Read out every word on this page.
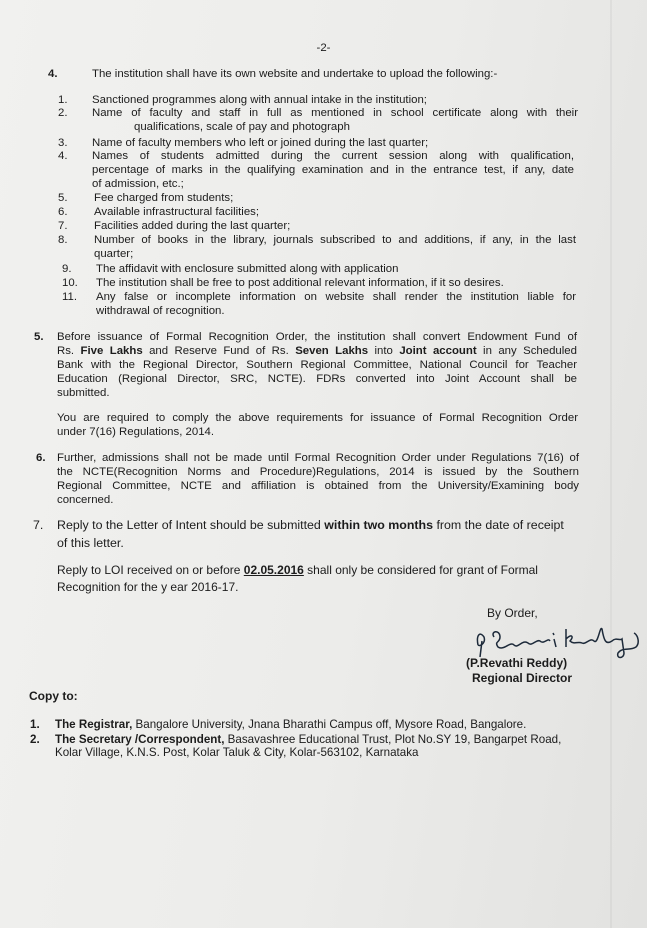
-2-
4.	The institution shall have its own website and undertake to upload the following:-
1. Sanctioned programmes along with annual intake in the institution;
2. Name of faculty and staff in full as mentioned in school certificate along with their
qualifications, scale of pay and photograph
3. Name of faculty members who left or joined during the last quarter;
4. Names of students admitted during the current session along with qualification,
percentage of marks in the qualifying examination and in the entrance test, if any, date
of admission, etc.;
5. Fee charged from students;
6. Available infrastructural facilities;
7. Facilities added during the last quarter;
8. Number of books in the library, journals subscribed to and additions, if any, in the last
quarter;
9. The affidavit with enclosure submitted along with application
10. The institution shall be free to post additional relevant information, if it so desires.
11. Any false or incomplete information on website shall render the institution liable for
withdrawal of recognition.
5. Before issuance of Formal Recognition Order, the institution shall convert Endowment Fund of
Rs. Five Lakhs and Reserve Fund of Rs. Seven Lakhs into Joint account in any Scheduled
Bank with the Regional Director, Southern Regional Committee, National Council for Teacher
Education (Regional Director, SRC, NCTE). FDRs converted into Joint Account shall be
submitted.
You are required to comply the above requirements for issuance of Formal Recognition Order
under 7(16) Regulations, 2014.
6. Further, admissions shall not be made until Formal Recognition Order under Regulations 7(16) of
the NCTE(Recognition Norms and Procedure)Regulations, 2014 is issued by the Southern
Regional Committee, NCTE and affiliation is obtained from the University/Examining body
concerned.
7. Reply to the Letter of Intent should be submitted within two months from the date of receipt
of this letter.
Reply to LOI received on or before 02.05.2016 shall only be considered for grant of Formal
Recognition for the y ear 2016-17.
By Order,
(P.Revathi Reddy)
Regional Director
Copy to:
1. The Registrar, Bangalore University, Jnana Bharathi Campus off, Mysore Road, Bangalore.
2. The Secretary /Correspondent, Basavashree Educational Trust, Plot No.SY 19, Bangarpet Road,
Kolar Village, K.N.S. Post, Kolar Taluk & City, Kolar-563102, Karnataka
